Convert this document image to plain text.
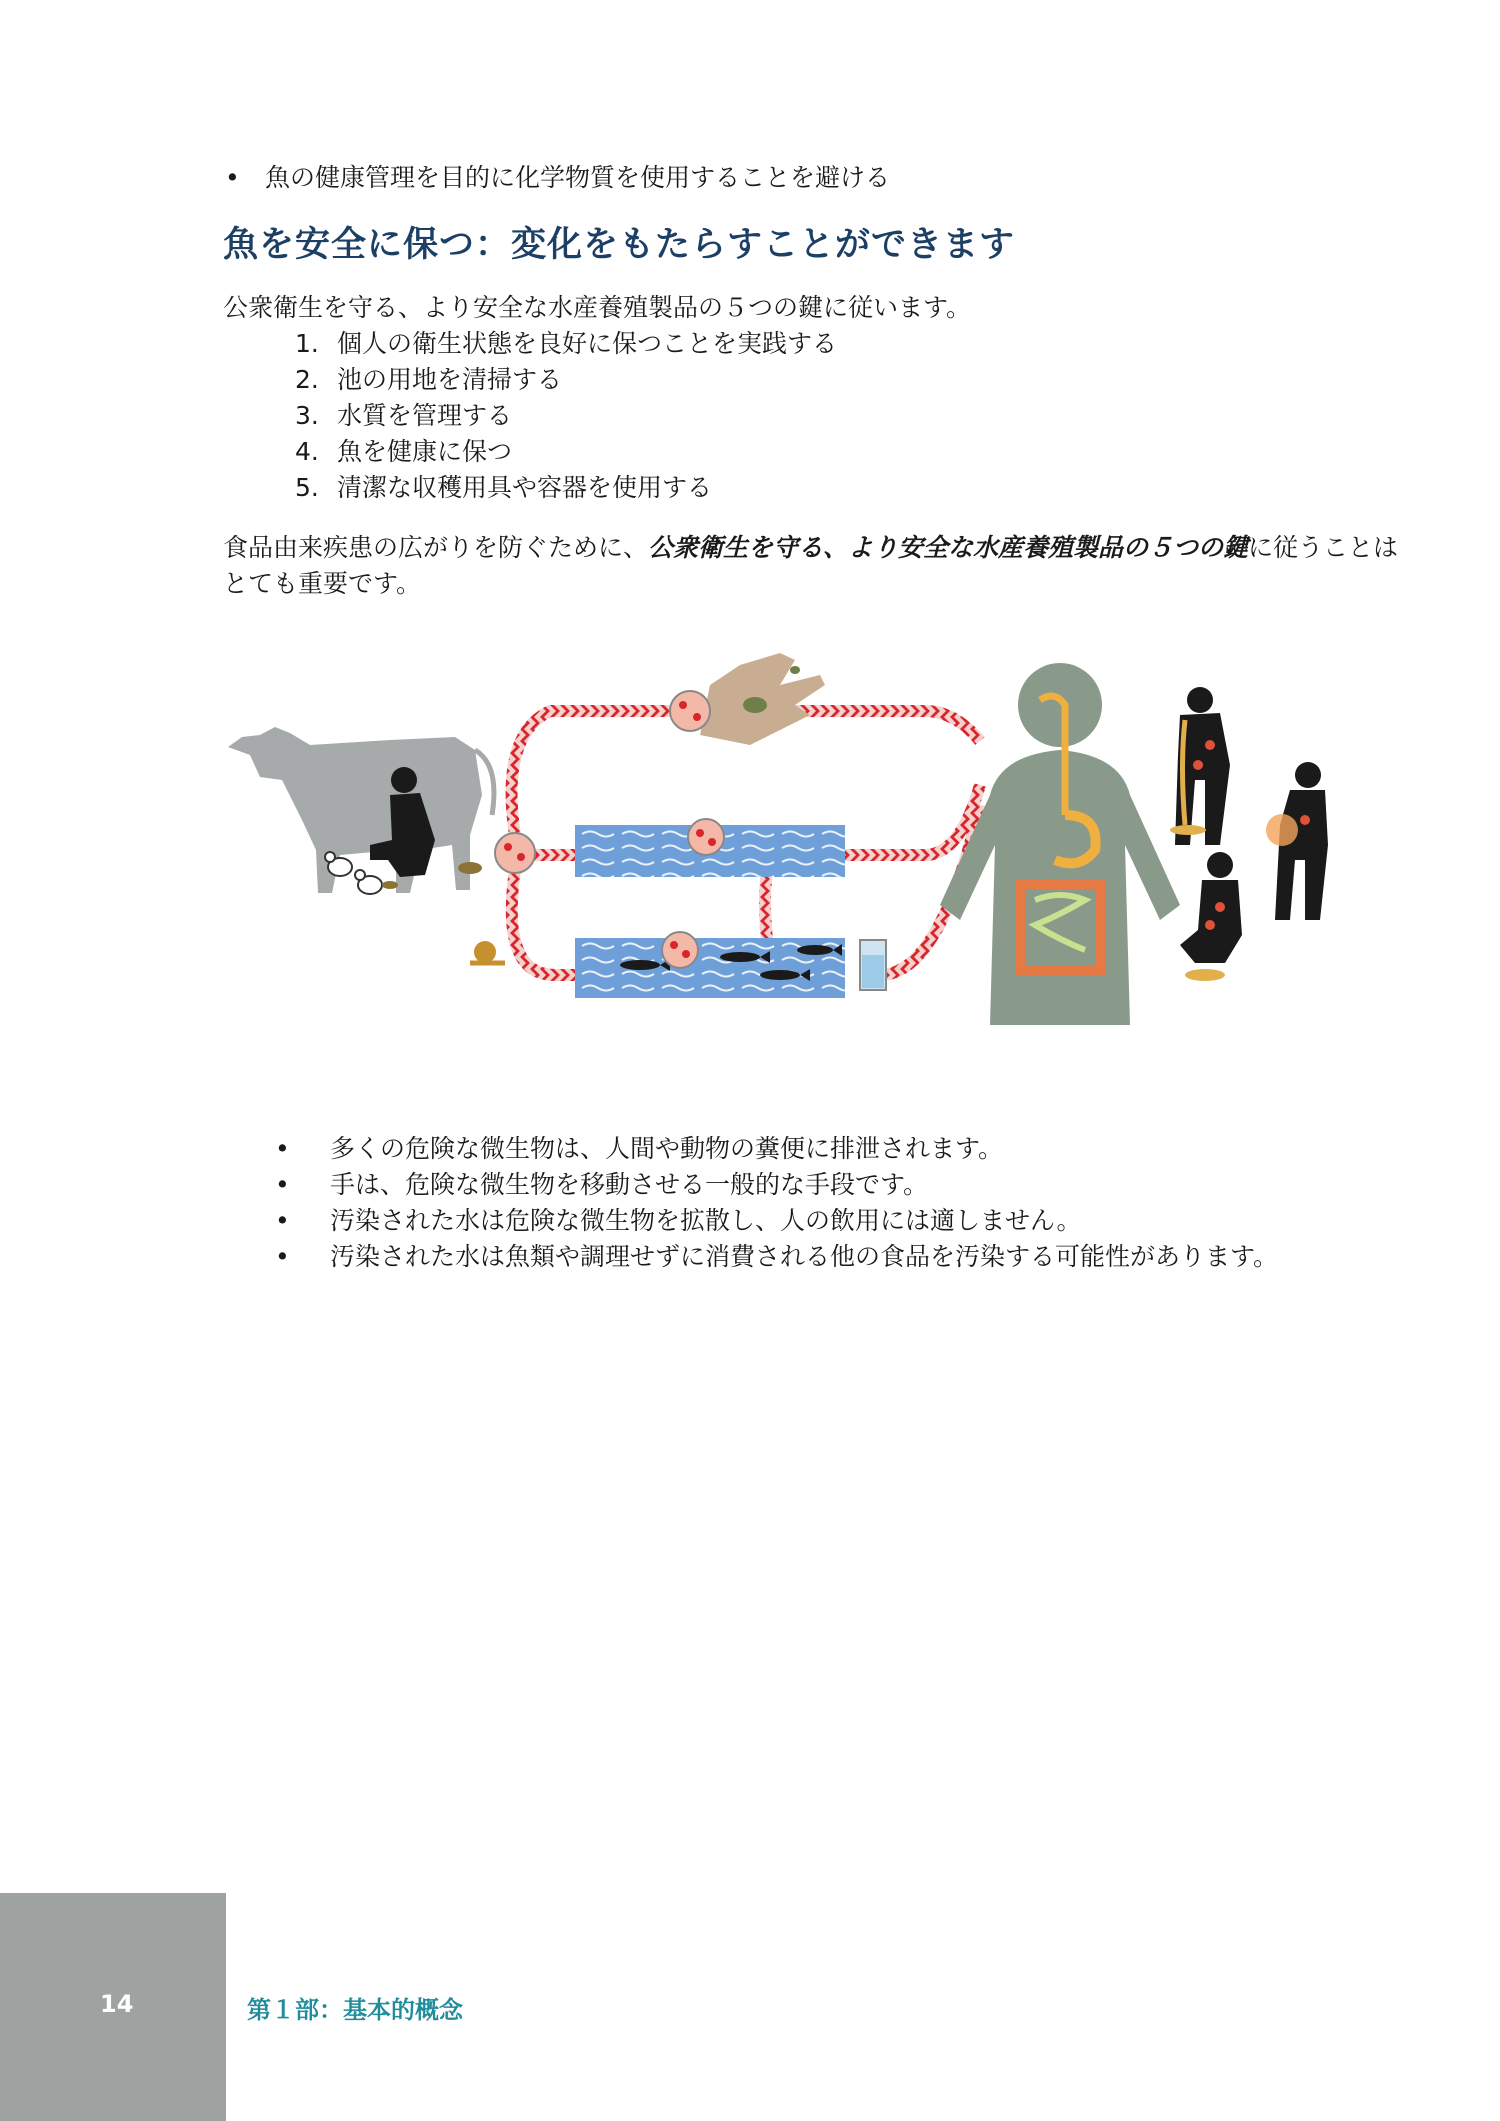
•	魚の健康管理を目的に化学物質を使用することを避ける
魚を安全に保つ：変化をもたらすことができます
公衆衛生を守る、より安全な水産養殖製品の５つの鍵に従います。
1. 個人の衛生状態を良好に保つことを実践する
2. 池の用地を清掃する
3. 水質を管理する
4. 魚を健康に保つ
5. 清潔な収穫用具や容器を使用する
食品由来疾患の広がりを防ぐために、公衆衛生を守る、より安全な水産養殖製品の５つの鍵に従うことはとても重要です。
•	多くの危険な微生物は、人間や動物の糞便に排泄されます。
•	手は、危険な微生物を移動させる一般的な手段です。
•	汚染された水は危険な微生物を拡散し、人の飲用には適しません。
•	汚染された水は魚類や調理せずに消費される他の食品を汚染する可能性があります。
14	第１部：基本的概念
